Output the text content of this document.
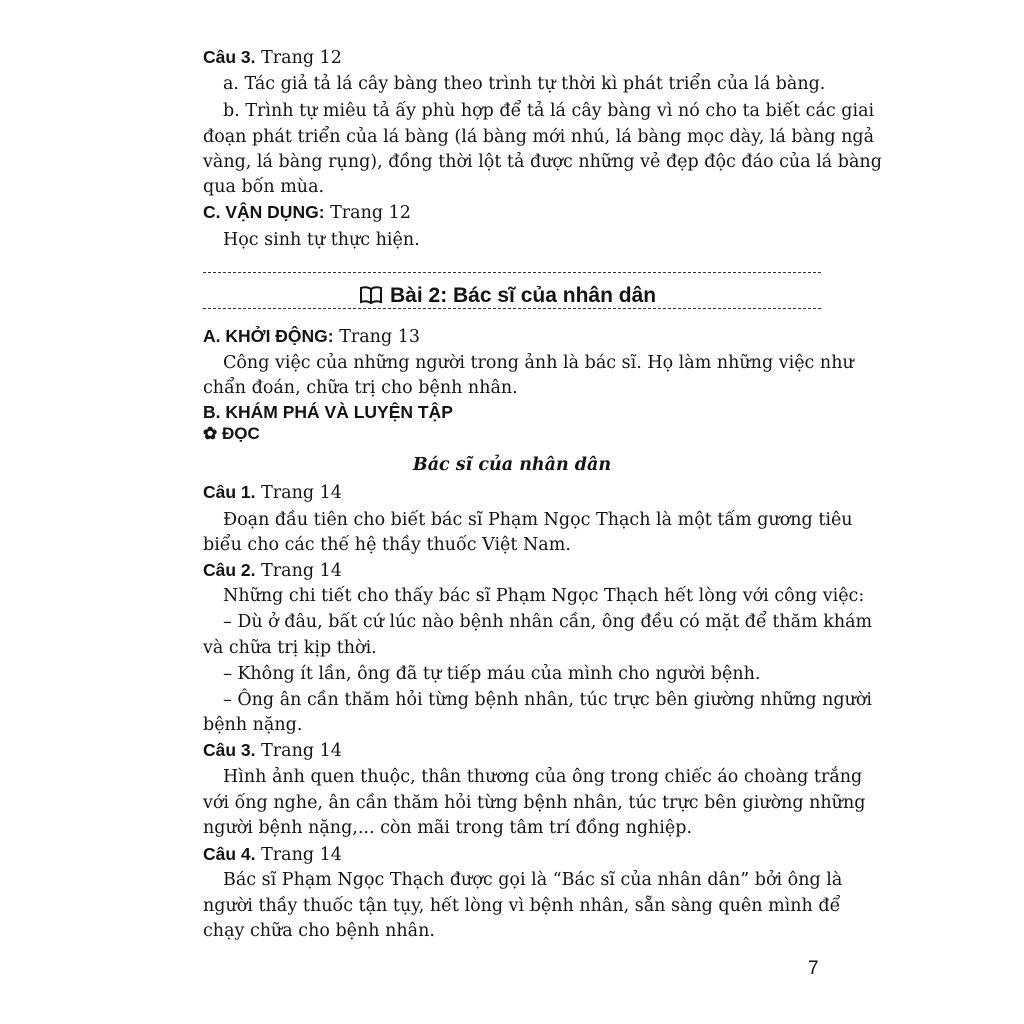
Câu 3. Trang 12
a. Tác giả tả lá cây bàng theo trình tự thời kì phát triển của lá bàng.
b. Trình tự miêu tả ấy phù hợp để tả lá cây bàng vì nó cho ta biết các giai
đoạn phát triển của lá bàng (lá bàng mới nhú, lá bàng mọc dày, lá bàng ngả
vàng, lá bàng rụng), đồng thời lột tả được những vẻ đẹp độc đáo của lá bàng
qua bốn mùa.
C. VẬN DỤNG: Trang 12
Học sinh tự thực hiện.
Bài 2: Bác sĩ của nhân dân
A. KHỞI ĐỘNG: Trang 13
Công việc của những người trong ảnh là bác sĩ. Họ làm những việc như
chẩn đoán, chữa trị cho bệnh nhân.
B. KHÁM PHÁ VÀ LUYỆN TẬP
✿ ĐỌC
Bác sĩ của nhân dân
Câu 1. Trang 14
Đoạn đầu tiên cho biết bác sĩ Phạm Ngọc Thạch là một tấm gương tiêu
biểu cho các thế hệ thầy thuốc Việt Nam.
Câu 2. Trang 14
Những chi tiết cho thấy bác sĩ Phạm Ngọc Thạch hết lòng với công việc:
– Dù ở đâu, bất cứ lúc nào bệnh nhân cần, ông đều có mặt để thăm khám
và chữa trị kịp thời.
– Không ít lần, ông đã tự tiếp máu của mình cho người bệnh.
– Ông ân cần thăm hỏi từng bệnh nhân, túc trực bên giường những người
bệnh nặng.
Câu 3. Trang 14
Hình ảnh quen thuộc, thân thương của ông trong chiếc áo choàng trắng
với ống nghe, ân cần thăm hỏi từng bệnh nhân, túc trực bên giường những
người bệnh nặng,... còn mãi trong tâm trí đồng nghiệp.
Câu 4. Trang 14
Bác sĩ Phạm Ngọc Thạch được gọi là “Bác sĩ của nhân dân” bởi ông là
người thầy thuốc tận tụy, hết lòng vì bệnh nhân, sẵn sàng quên mình để
chạy chữa cho bệnh nhân.
7
